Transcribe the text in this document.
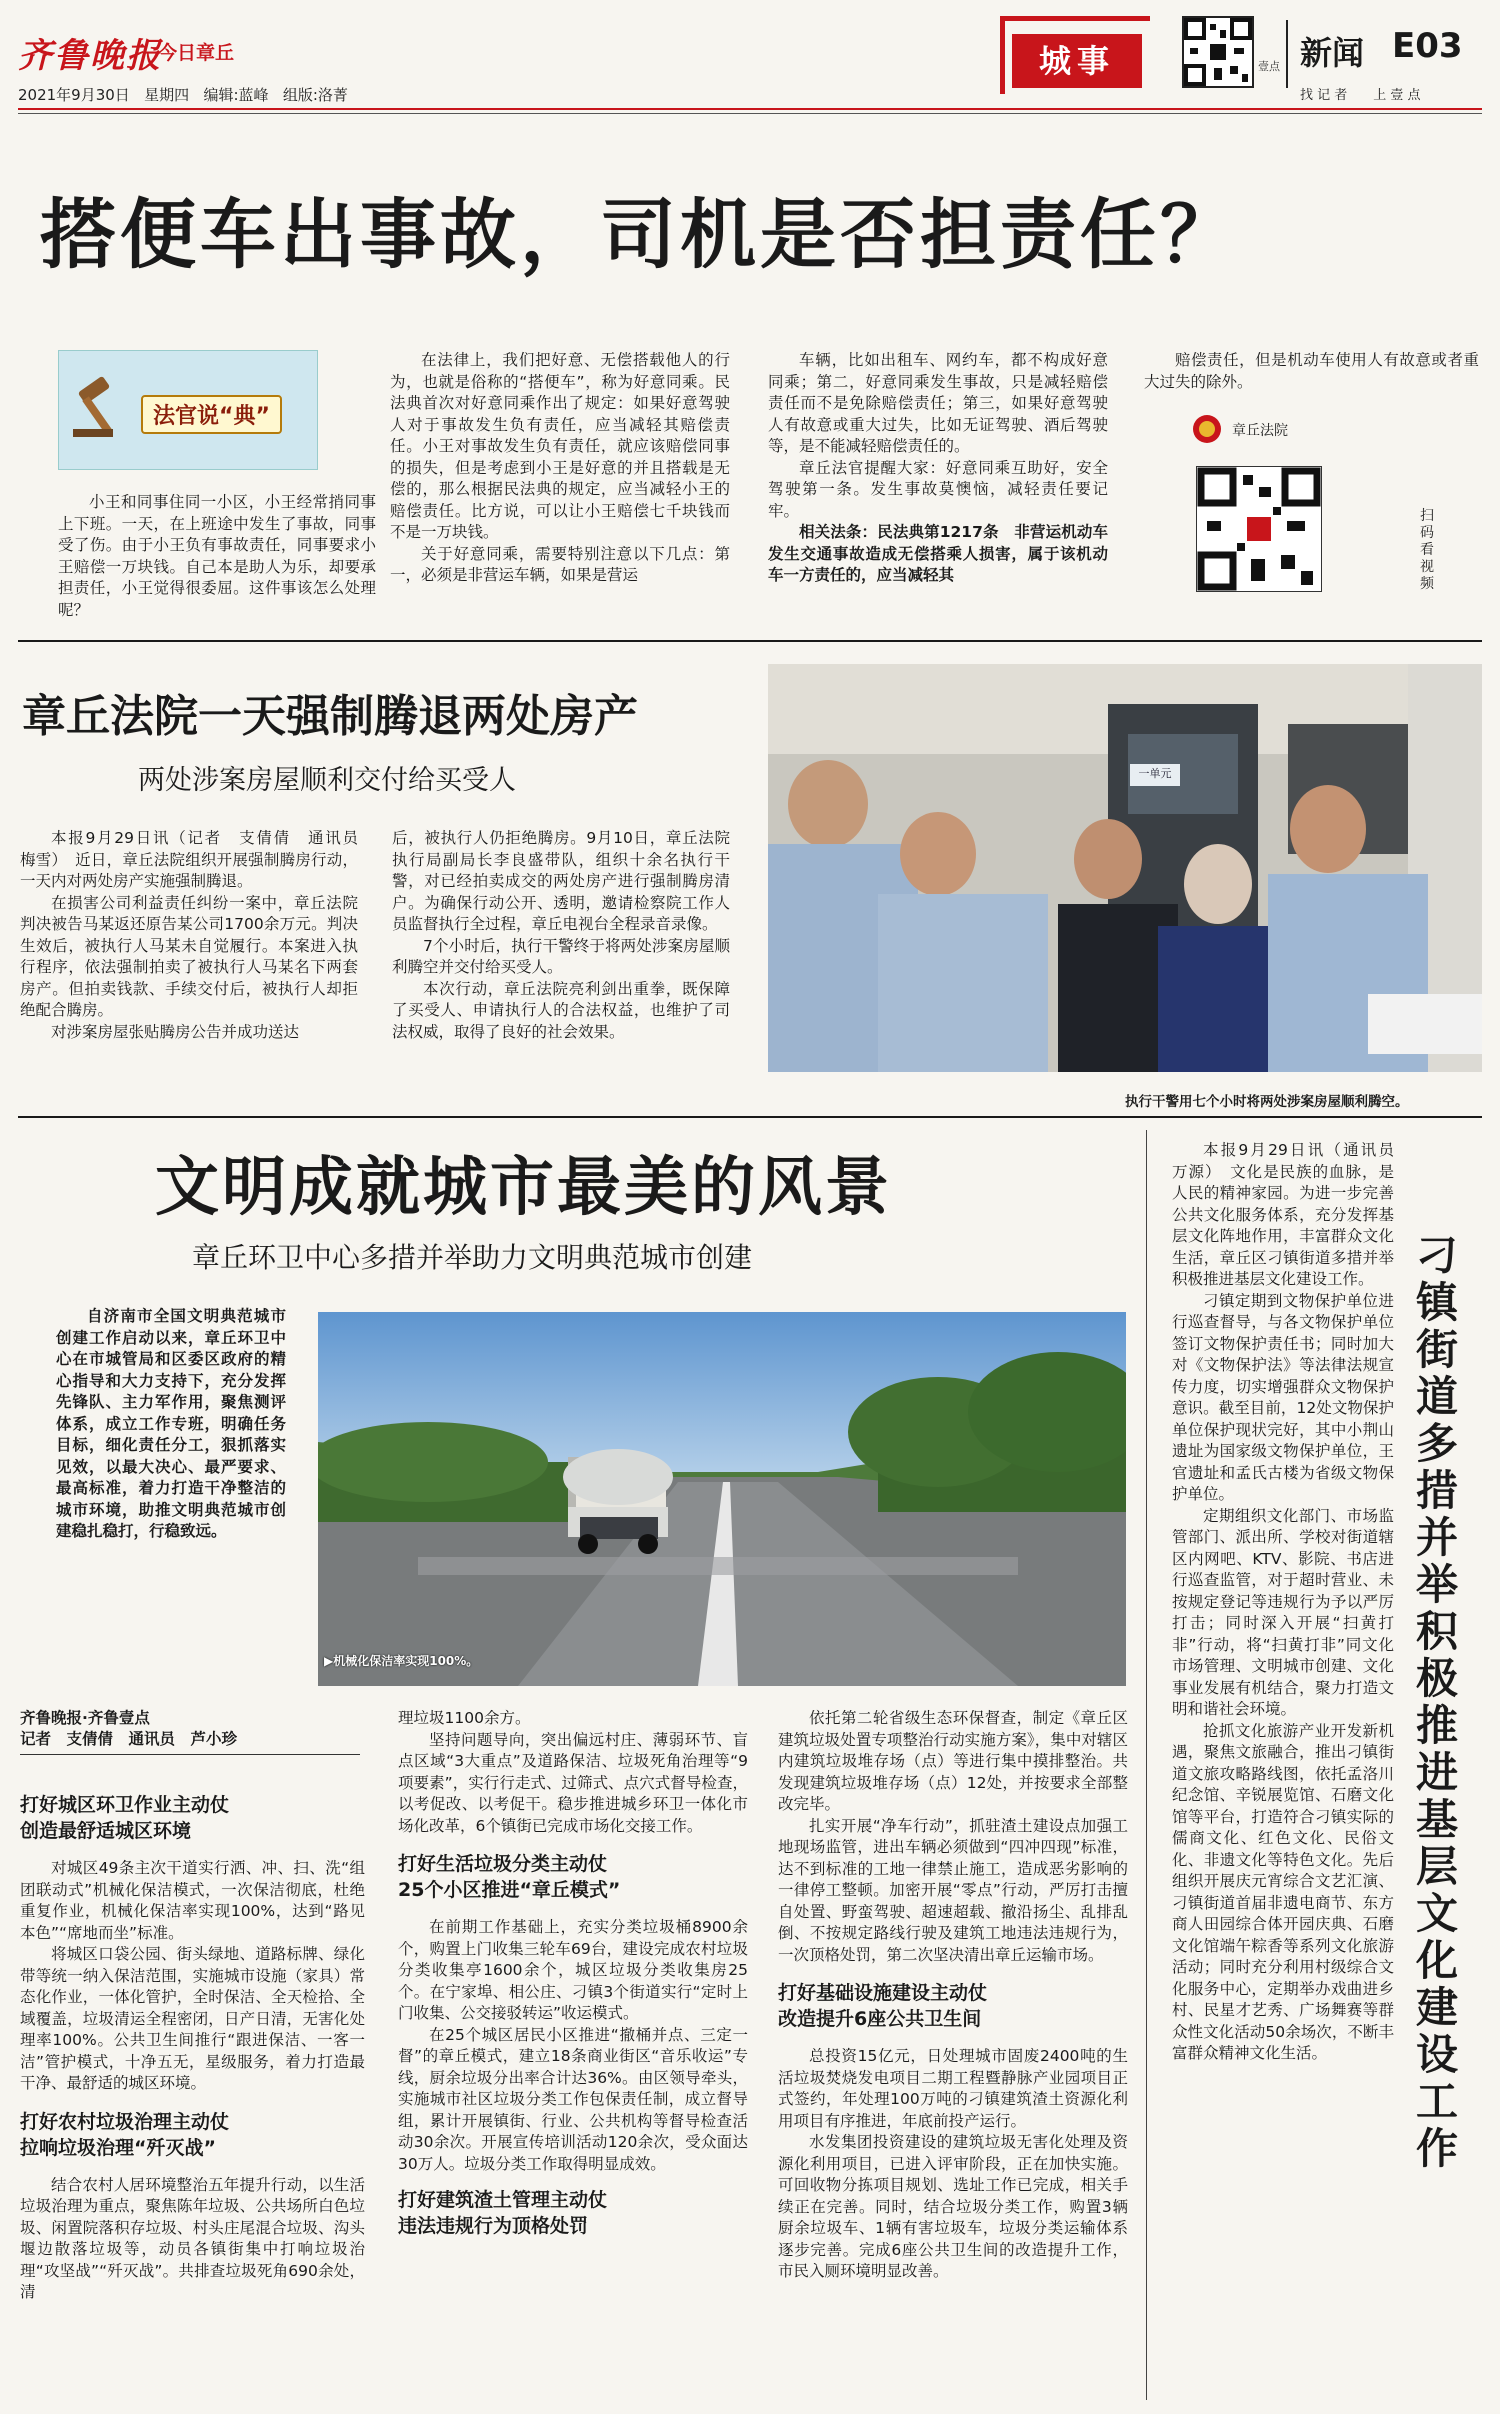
齐鲁晚报
今日章丘
2021年9月30日 星期四 编辑:蓝峰 组版:洛菁
城事	壹点 新闻 E03
找 记 者　　上 壹 点
搭便车出事故，司机是否担责任？
法官说“典”

小王和同事住同一小区，小王经常捎同事上下班。一天，在上班途中发生了事故，同事受了伤。由于小王负有事故责任，同事要求小王赔偿一万块钱。自己本是助人为乐，却要承担责任，小王觉得很委屈。这件事该怎么处理呢？

在法律上，我们把好意、无偿搭载他人的行为，也就是俗称的“搭便车”，称为好意同乘。民法典首次对好意同乘作出了规定：如果好意驾驶人对于事故发生负有责任，应当减轻其赔偿责任。小王对事故发生负有责任，就应该赔偿同事的损失，但是考虑到小王是好意的并且搭载是无偿的，那么根据民法典的规定，应当减轻小王的赔偿责任。比方说，可以让小王赔偿七千块钱而不是一万块钱。

关于好意同乘，需要特别注意以下几点：第一，必须是非营运车辆，如果是营运

车辆，比如出租车、网约车，都不构成好意同乘；第二，好意同乘发生事故，只是减轻赔偿责任而不是免除赔偿责任；第三，如果好意驾驶人有故意或重大过失，比如无证驾驶、酒后驾驶等，是不能减轻赔偿责任的。

章丘法官提醒大家：好意同乘互助好，安全驾驶第一条。发生事故莫懊恼，减轻责任要记牢。

相关法条：民法典第1217条　非营运机动车发生交通事故造成无偿搭乘人损害，属于该机动车一方责任的，应当减轻其

赔偿责任，但是机动车使用人有故意或者重大过失的除外。

章丘法院
扫码看视频
章丘法院一天强制腾退两处房产
两处涉案房屋顺利交付给买受人

本报9月29日讯（记者　支倩倩　通讯员　梅雪）　近日，章丘法院组织开展强制腾房行动，一天内对两处房产实施强制腾退。

在损害公司利益责任纠纷一案中，章丘法院判决被告马某返还原告某公司1700余万元。判决生效后，被执行人马某未自觉履行。本案进入执行程序，依法强制拍卖了被执行人马某名下两套房产。但拍卖钱款、手续交付后，被执行人却拒绝配合腾房。

对涉案房屋张贴腾房公告并成功送达

后，被执行人仍拒绝腾房。9月10日，章丘法院执行局副局长李良盛带队，组织十余名执行干警，对已经拍卖成交的两处房产进行强制腾房清户。为确保行动公开、透明，邀请检察院工作人员监督执行全过程，章丘电视台全程录音录像。

7个小时后，执行干警终于将两处涉案房屋顺利腾空并交付给买受人。

本次行动，章丘法院亮利剑出重拳，既保障了买受人、申请执行人的合法权益，也维护了司法权威，取得了良好的社会效果。

一单元
执行干警用七个小时将两处涉案房屋顺利腾空。
文明成就城市最美的风景
章丘环卫中心多措并举助力文明典范城市创建

自济南市全国文明典范城市创建工作启动以来，章丘环卫中心在市城管局和区委区政府的精心指导和大力支持下，充分发挥先锋队、主力军作用，聚焦测评体系，成立工作专班，明确任务目标，细化责任分工，狠抓落实见效，以最大决心、最严要求、最高标准，着力打造干净整洁的城市环境，助推文明典范城市创建稳扎稳打，行稳致远。

▶机械化保洁率实现100%。
齐鲁晚报·齐鲁壹点
记者　支倩倩　通讯员　芦小珍
打好城区环卫作业主动仗
创造最舒适城区环境

对城区49条主次干道实行洒、冲、扫、洗“组团联动式”机械化保洁模式，一次保洁彻底，杜绝重复作业，机械化保洁率实现100%，达到“路见本色”“席地而坐”标准。

将城区口袋公园、街头绿地、道路标牌、绿化带等统一纳入保洁范围，实施城市设施（家具）常态化作业，一体化管护，全时保洁、全天检拾、全域覆盖，垃圾清运全程密闭，日产日清，无害化处理率100%。公共卫生间推行“跟进保洁、一客一洁”管护模式，十净五无，星级服务，着力打造最干净、最舒适的城区环境。

打好农村垃圾治理主动仗
拉响垃圾治理“歼灭战”

结合农村人居环境整治五年提升行动，以生活垃圾治理为重点，聚焦陈年垃圾、公共场所白色垃圾、闲置院落积存垃圾、村头庄尾混合垃圾、沟头堰边散落垃圾等，动员各镇街集中打响垃圾治理“攻坚战”“歼灭战”。共排查垃圾死角690余处，清

理垃圾1100余方。

坚持问题导向，突出偏远村庄、薄弱环节、盲点区域“3大重点”及道路保洁、垃圾死角治理等“9项要素”，实行行走式、过筛式、点穴式督导检查，以考促改、以考促干。稳步推进城乡环卫一体化市场化改革，6个镇街已完成市场化交接工作。

打好生活垃圾分类主动仗
25个小区推进“章丘模式”

在前期工作基础上，充实分类垃圾桶8900余个，购置上门收集三轮车69台，建设完成农村垃圾分类收集亭1600余个，城区垃圾分类收集房25个。在宁家埠、相公庄、刁镇3个街道实行“定时上门收集、公交接驳转运”收运模式。

在25个城区居民小区推进“撤桶并点、三定一督”的章丘模式，建立18条商业街区“音乐收运”专线，厨余垃圾分出率合计达36%。由区领导牵头，实施城市社区垃圾分类工作包保责任制，成立督导组，累计开展镇街、行业、公共机构等督导检查活动30余次。开展宣传培训活动120余次，受众面达30万人。垃圾分类工作取得明显成效。

打好建筑渣土管理主动仗
违法违规行为顶格处罚

依托第二轮省级生态环保督查，制定《章丘区建筑垃圾处置专项整治行动实施方案》，集中对辖区内建筑垃圾堆存场（点）等进行集中摸排整治。共发现建筑垃圾堆存场（点）12处，并按要求全部整改完毕。

扎实开展“净车行动”，抓驻渣土建设点加强工地现场监管，进出车辆必须做到“四冲四现”标准，达不到标准的工地一律禁止施工，造成恶劣影响的一律停工整顿。加密开展“零点”行动，严厉打击擅自处置、野蛮驾驶、超速超载、撤沿扬尘、乱排乱倒、不按规定路线行驶及建筑工地违法违规行为，一次顶格处罚，第二次坚决清出章丘运输市场。

打好基础设施建设主动仗
改造提升6座公共卫生间

总投资15亿元，日处理城市固废2400吨的生活垃圾焚烧发电项目二期工程暨静脉产业园项目正式签约，年处理100万吨的刁镇建筑渣土资源化利用项目有序推进，年底前投产运行。

水发集团投资建设的建筑垃圾无害化处理及资源化利用项目，已进入评审阶段，正在加快实施。可回收物分拣项目规划、选址工作已完成，相关手续正在完善。同时，结合垃圾分类工作，购置3辆厨余垃圾车、1辆有害垃圾车，垃圾分类运输体系逐步完善。完成6座公共卫生间的改造提升工作，市民入厕环境明显改善。

本报9月29日讯（通讯员　万源）　文化是民族的血脉，是人民的精神家园。为进一步完善公共文化服务体系，充分发挥基层文化阵地作用，丰富群众文化生活，章丘区刁镇街道多措并举积极推进基层文化建设工作。

刁镇定期到文物保护单位进行巡查督导，与各文物保护单位签订文物保护责任书；同时加大对《文物保护法》等法律法规宣传力度，切实增强群众文物保护意识。截至目前，12处文物保护单位保护现状完好，其中小荆山遗址为国家级文物保护单位，王官遗址和孟氏古楼为省级文物保护单位。

定期组织文化部门、市场监管部门、派出所、学校对街道辖区内网吧、KTV、影院、书店进行巡查监管，对于超时营业、未按规定登记等违规行为予以严厉打击；同时深入开展“扫黄打非”行动，将“扫黄打非”同文化市场管理、文明城市创建、文化事业发展有机结合，聚力打造文明和谐社会环境。

抢抓文化旅游产业开发新机遇，聚焦文旅融合，推出刁镇街道文旅攻略路线图，依托孟洛川纪念馆、辛锐展览馆、石磨文化馆等平台，打造符合刁镇实际的儒商文化、红色文化、民俗文化、非遗文化等特色文化。先后组织开展庆元宵综合文艺汇演、刁镇街道首届非遗电商节、东方商人田园综合体开园庆典、石磨文化馆端午粽香等系列文化旅游活动；同时充分利用村级综合文化服务中心，定期举办戏曲进乡村、民星才艺秀、广场舞赛等群众性文化活动50余场次，不断丰富群众精神文化生活。

刁镇街道多措并举积极推进基层文化建设工作
